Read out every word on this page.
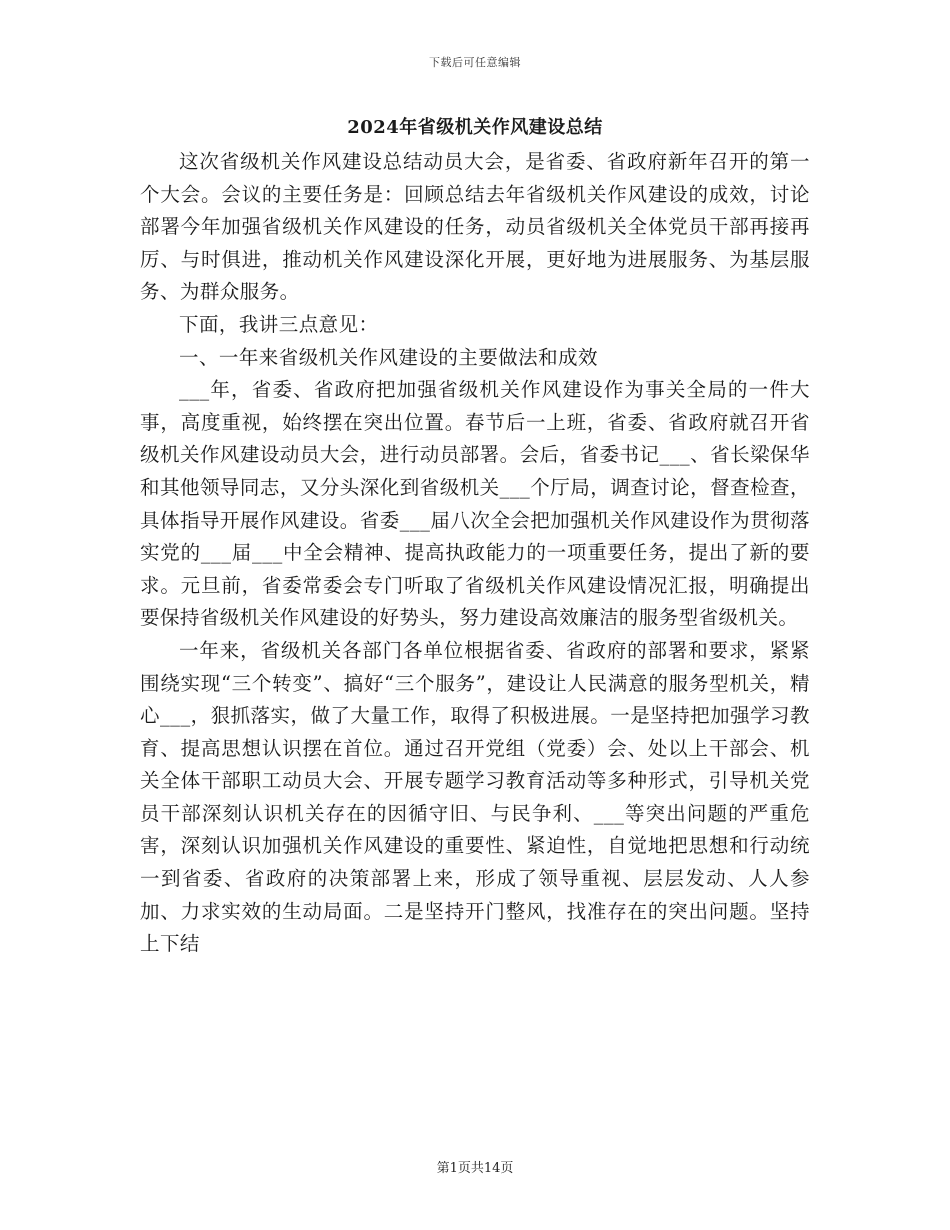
下载后可任意编辑
2024年省级机关作风建设总结

这次省级机关作风建设总结动员大会，是省委、省政府新年召开的第一个大会。会议的主要任务是：回顾总结去年省级机关作风建设的成效，讨论部署今年加强省级机关作风建设的任务，动员省级机关全体党员干部再接再厉、与时俱进，推动机关作风建设深化开展，更好地为进展服务、为基层服务、为群众服务。

下面，我讲三点意见：

一、一年来省级机关作风建设的主要做法和成效

___年，省委、省政府把加强省级机关作风建设作为事关全局的一件大事，高度重视，始终摆在突出位置。春节后一上班，省委、省政府就召开省级机关作风建设动员大会，进行动员部署。会后，省委书记___、省长梁保华和其他领导同志，又分头深化到省级机关___个厅局，调查讨论，督查检查，具体指导开展作风建设。省委___届八次全会把加强机关作风建设作为贯彻落实党的___届___中全会精神、提高执政能力的一项重要任务，提出了新的要求。元旦前，省委常委会专门听取了省级机关作风建设情况汇报，明确提出要保持省级机关作风建设的好势头，努力建设高效廉洁的服务型省级机关。

一年来，省级机关各部门各单位根据省委、省政府的部署和要求，紧紧围绕实现“三个转变”、搞好“三个服务”，建设让人民满意的服务型机关，精心___，狠抓落实，做了大量工作，取得了积极进展。一是坚持把加强学习教育、提高思想认识摆在首位。通过召开党组（党委）会、处以上干部会、机关全体干部职工动员大会、开展专题学习教育活动等多种形式，引导机关党员干部深刻认识机关存在的因循守旧、与民争利、___等突出问题的严重危害，深刻认识加强机关作风建设的重要性、紧迫性，自觉地把思想和行动统一到省委、省政府的决策部署上来，形成了领导重视、层层发动、人人参加、力求实效的生动局面。二是坚持开门整风，找准存在的突出问题。坚持上下结

第1页共14页
